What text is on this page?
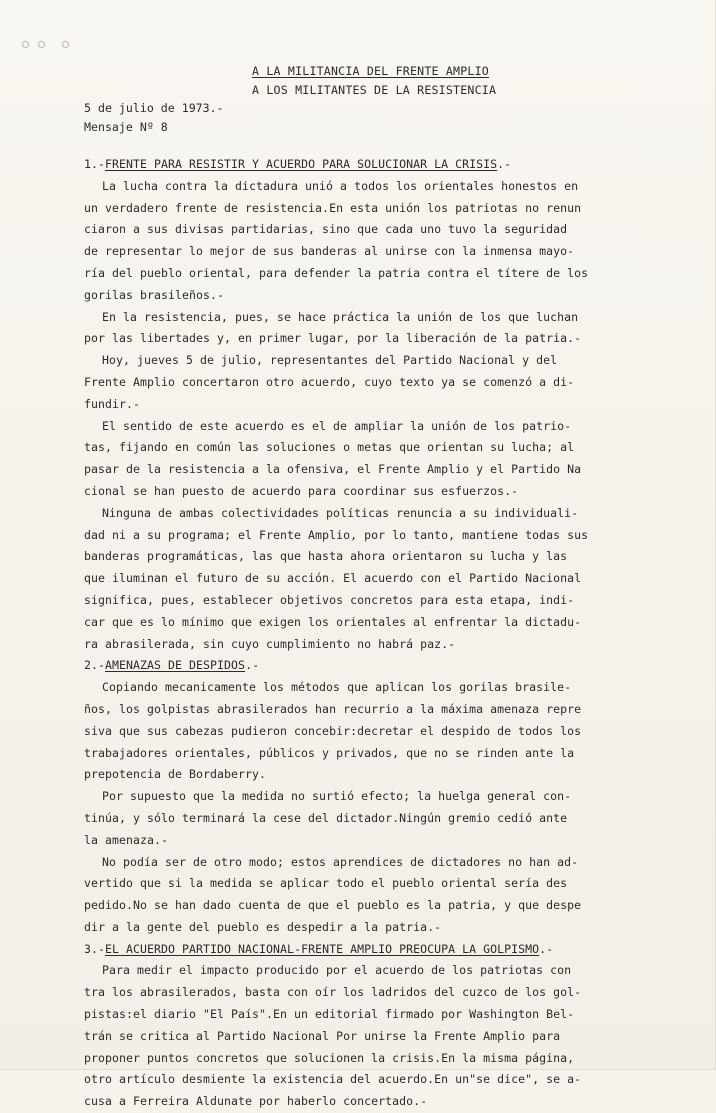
A LA MILITANCIA DEL FRENTE AMPLIO
A LOS MILITANTES DE LA RESISTENCIA
5 de julio de 1973.-
Mensaje Nº 8
1.-FRENTE PARA RESISTIR Y ACUERDO PARA SOLUCIONAR LA CRISIS.-
La lucha contra la dictadura unió a todos los orientales honestos en
un verdadero frente de resistencia.En esta unión los patriotas no renun
ciaron a sus divisas partidarias, sino que cada uno tuvo la seguridad
de representar lo mejor de sus banderas al unirse con la inmensa mayo-
ría del pueblo oriental, para defender la patria contra el títere de los
gorilas brasileños.-
En la resistencia, pues, se hace práctica la unión de los que luchan
por las libertades y, en primer lugar, por la liberación de la patria.-
Hoy, jueves 5 de julio, representantes del Partido Nacional y del
Frente Amplio concertaron otro acuerdo, cuyo texto ya se comenzó a di-
fundir.-
El sentido de este acuerdo es el de ampliar la unión de los patrio-
tas, fijando en común las soluciones o metas que orientan su lucha; al
pasar de la resistencia a la ofensiva, el Frente Amplio y el Partido Na
cional se han puesto de acuerdo para coordinar sus esfuerzos.-
Ninguna de ambas colectividades políticas renuncia a su individuali-
dad ni a su programa; el Frente Amplio, por lo tanto, mantiene todas sus
banderas programáticas, las que hasta ahora orientaron su lucha y las
que iluminan el futuro de su acción. El acuerdo con el Partido Nacional
significa, pues, establecer objetivos concretos para esta etapa, indi-
car que es lo mínimo que exigen los orientales al enfrentar la dictadu-
ra abrasilerada, sin cuyo cumplimiento no habrá paz.-
2.-AMENAZAS DE DESPIDOS.-
Copiando mecanicamente los métodos que aplican los gorilas brasile-
ños, los golpistas abrasilerados han recurrio a la máxima amenaza repre
siva que sus cabezas pudieron concebir:decretar el despido de todos los
trabajadores orientales, públicos y privados, que no se rinden ante la
prepotencia de Bordaberry.
Por supuesto que la medida no surtió efecto; la huelga general con-
tinúa, y sólo terminará la cese del dictador.Ningún gremio cedió ante
la amenaza.-
No podía ser de otro modo; estos aprendices de dictadores no han ad-
vertido que si la medida se aplicar todo el pueblo oriental sería des
pedido.No se han dado cuenta de que el pueblo es la patria, y que despe
dir a la gente del pueblo es despedir a la patria.-
3.-EL ACUERDO PARTIDO NACIONAL-FRENTE AMPLIO PREOCUPA LA GOLPISMO.-
Para medir el impacto producido por el acuerdo de los patriotas con
tra los abrasilerados, basta con oír los ladridos del cuzco de los gol-
pistas:el diario "El País".En un editorial firmado por Washington Bel-
trán se critica al Partido Nacional Por unirse la Frente Amplio para
proponer puntos concretos que solucionen la crisis.En la misma página,
otro artículo desmiente la existencia del acuerdo.En un"se dice", se a-
cusa a Ferreira Aldunate por haberlo concertado.-
